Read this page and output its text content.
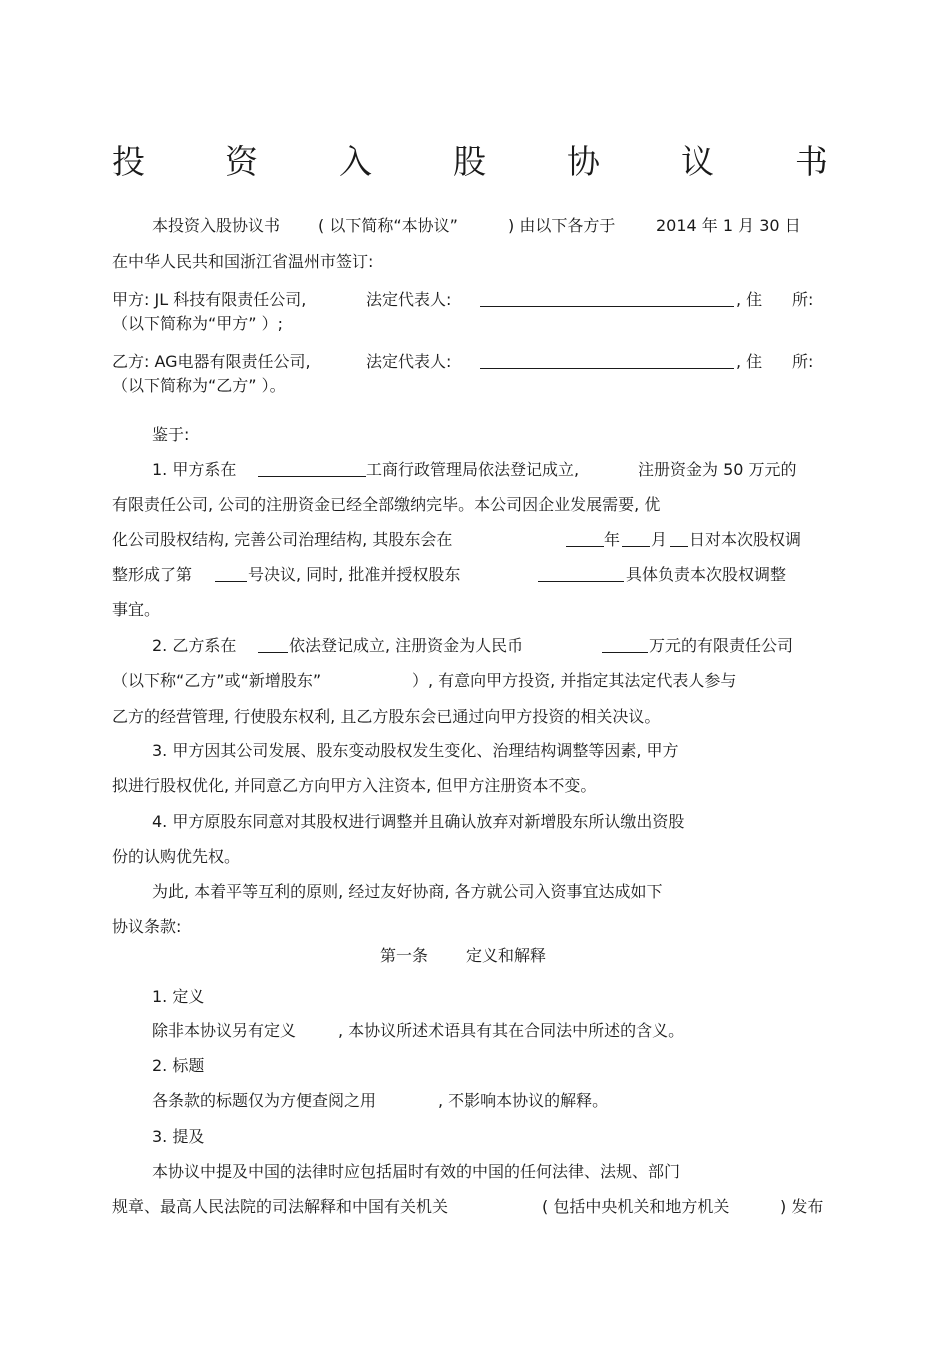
投 资 入 股 协 议 书
本投资入股协议书 ( 以下简称“本协议”	) 由以下各方于	2014 年 1 月 30 日
在中华人民共和国浙江省温州市签订:
甲方: JL 科技有限责任公司,	法定代表人:	, 住 所:
（以下简称为“甲方” ）;
乙方: AG电器有限责任公司,	法定代表人:	, 住 所:
（以下简称为“乙方” ）。
鉴于:
1. 甲方系在	工商行政管理局依法登记成立,	注册资金为 50 万元的
有限责任公司, 公司的注册资金已经全部缴纳完毕。本公司因企业发展需要, 优
化公司股权结构, 完善公司治理结构, 其股东会在	年 月 日对本次股权调
整形成了第	号决议, 同时, 批准并授权股东	具体负责本次股权调整
事宜。
2. 乙方系在	依法登记成立, 注册资金为人民币	万元的有限责任公司
（以下称“乙方”或“新增股东”	）, 有意向甲方投资, 并指定其法定代表人参与
乙方的经营管理, 行使股东权利, 且乙方股东会已通过向甲方投资的相关决议。
3. 甲方因其公司发展、股东变动股权发生变化、治理结构调整等因素, 甲方
拟进行股权优化, 并同意乙方向甲方入注资本, 但甲方注册资本不变。
4. 甲方原股东同意对其股权进行调整并且确认放弃对新增股东所认缴出资股
份的认购优先权。
为此, 本着平等互利的原则, 经过友好协商, 各方就公司入资事宜达成如下
协议条款:
第一条 定义和解释
1. 定义
除非本协议另有定义	, 本协议所述术语具有其在合同法中所述的含义。
2. 标题
各条款的标题仅为方便查阅之用	, 不影响本协议的解释。
3. 提及
本协议中提及中国的法律时应包括届时有效的中国的任何法律、法规、部门
规章、最高人民法院的司法解释和中国有关机关	( 包括中央机关和地方机关	) 发布
